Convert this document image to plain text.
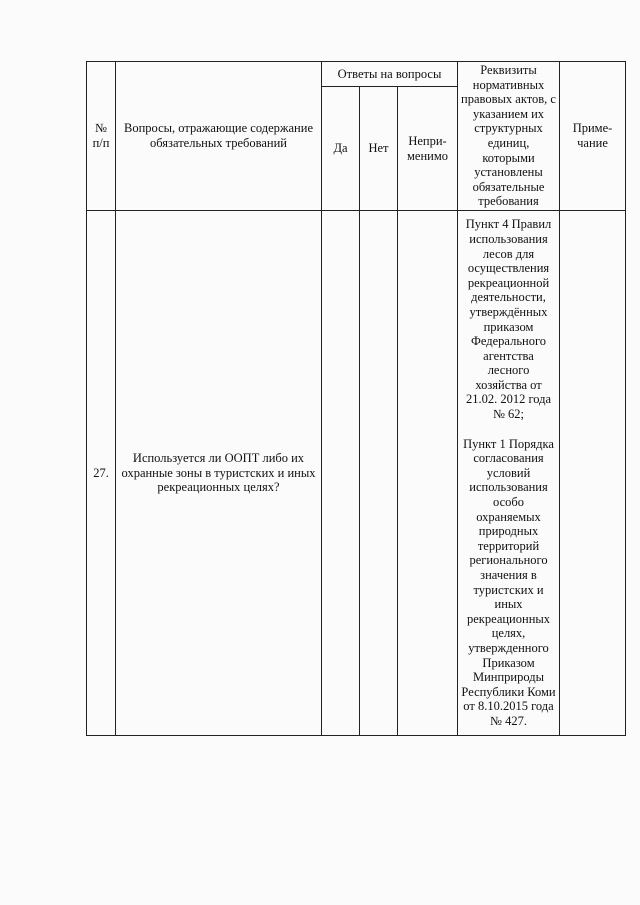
№ п/п	Вопросы, отражающие содержание обязательных требований	Ответы на вопросы			Реквизиты нормативных правовых актов, с указанием их структурных единиц, которыми установлены обязательные требования	Приме-чание
		Да	Нет	Непри-менимо		
27.	Используется ли ООПТ либо их охранные зоны в туристских и иных рекреационных целях?				Пункт 4 Правил использования лесов для осуществления рекреационной деятельности, утверждённых приказом Федерального агентства лесного хозяйства от 21.02. 2012 года № 62;
Пункт 1 Порядка согласования условий использования особо охраняемых природных территорий регионального значения в туристских и иных рекреационных целях, утвержденного Приказом Минприроды Республики Коми от 8.10.2015 года № 427.	
